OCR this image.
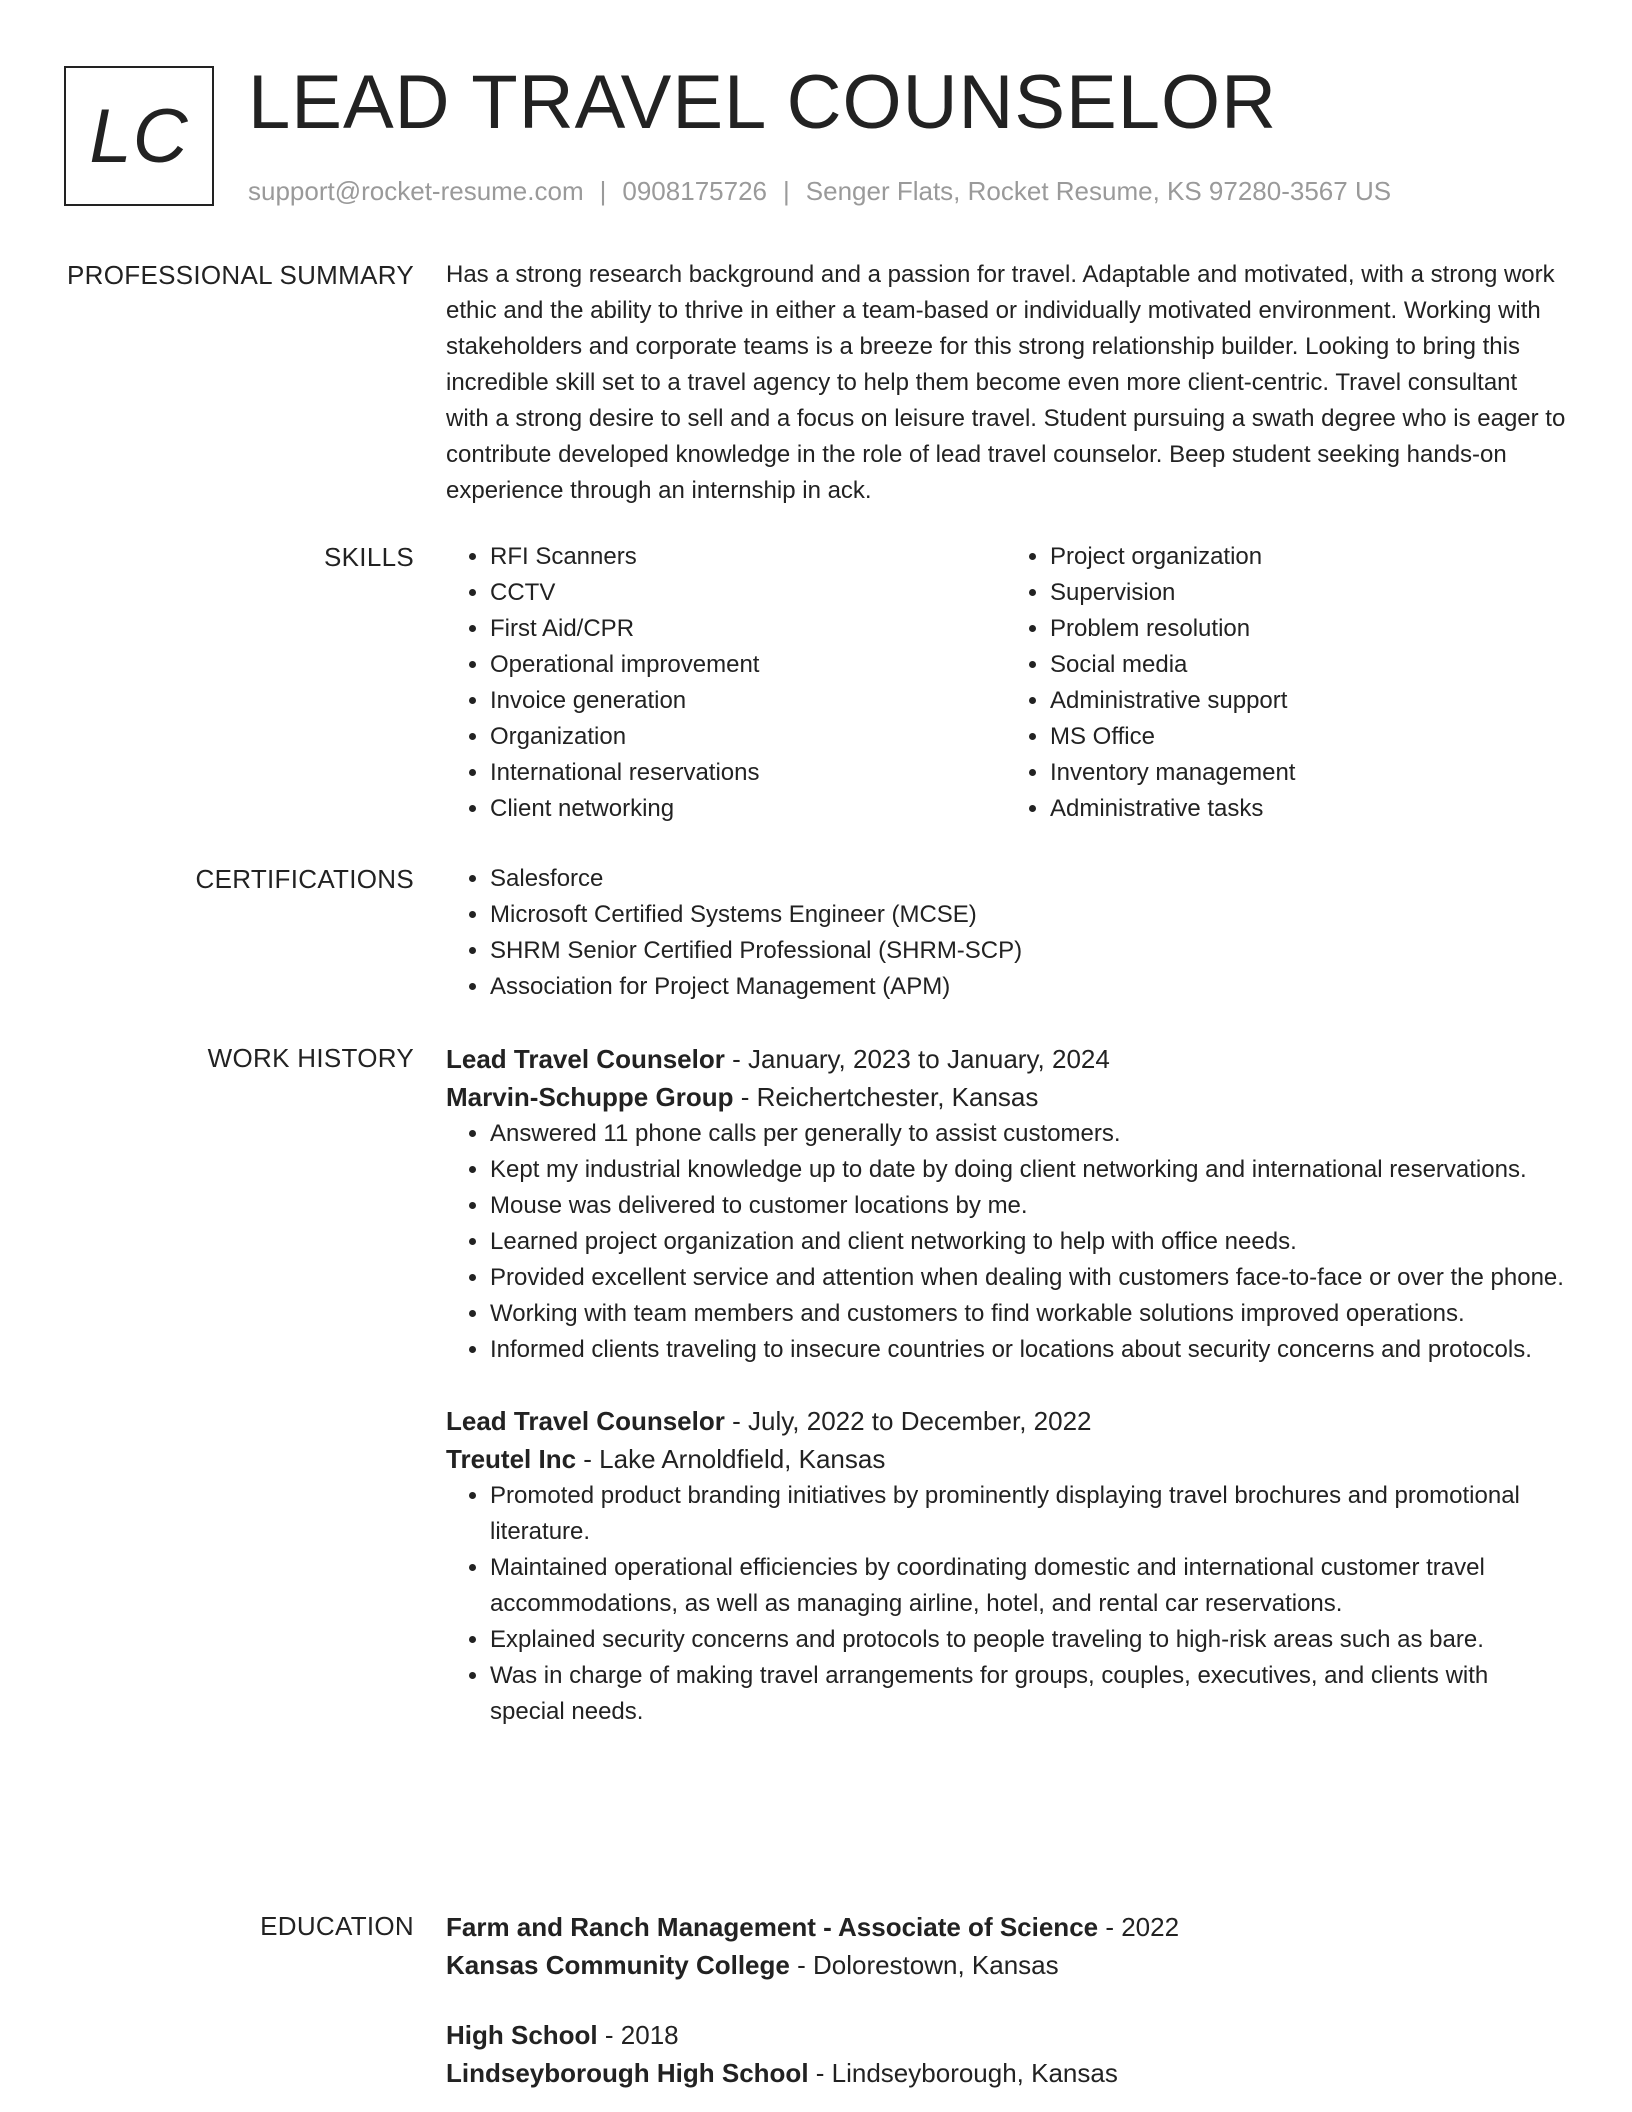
LC LEAD TRAVEL COUNSELOR
support@rocket-resume.com | 0908175726 | Senger Flats, Rocket Resume, KS 97280-3567 US
PROFESSIONAL SUMMARY Has a strong research background and a passion for travel. Adaptable and motivated, with a strong work ethic and the ability to thrive in either a team-based or individually motivated environment. Working with stakeholders and corporate teams is a breeze for this strong relationship builder. Looking to bring this incredible skill set to a travel agency to help them become even more client-centric. Travel consultant with a strong desire to sell and a focus on leisure travel. Student pursuing a swath degree who is eager to contribute developed knowledge in the role of lead travel counselor. Beep student seeking hands-on experience through an internship in ack.

SKILLS	• RFI Scanners
• CCTV
• First Aid/CPR
• Operational improvement
• Invoice generation
• Organization
• International reservations
• Client networking
• Project organization
• Supervision
• Problem resolution
• Social media
• Administrative support
• MS Office
• Inventory management
• Administrative tasks
CERTIFICATIONS	• Salesforce
• Microsoft Certified Systems Engineer (MCSE)
• SHRM Senior Certified Professional (SHRM-SCP)
• Association for Project Management (APM)
WORK HISTORY Lead Travel Counselor - January, 2023 to January, 2024
Marvin-Schuppe Group - Reichertchester, Kansas
• Answered 11 phone calls per generally to assist customers.
• Kept my industrial knowledge up to date by doing client networking and international reservations.
• Mouse was delivered to customer locations by me.
• Learned project organization and client networking to help with office needs.
• Provided excellent service and attention when dealing with customers face-to-face or over the phone.
• Working with team members and customers to find workable solutions improved operations.
• Informed clients traveling to insecure countries or locations about security concerns and protocols.
Lead Travel Counselor - July, 2022 to December, 2022
Treutel Inc - Lake Arnoldfield, Kansas
• Promoted product branding initiatives by prominently displaying travel brochures and promotional literature.
• Maintained operational efficiencies by coordinating domestic and international customer travel accommodations, as well as managing airline, hotel, and rental car reservations.
• Explained security concerns and protocols to people traveling to high-risk areas such as bare.
• Was in charge of making travel arrangements for groups, couples, executives, and clients with special needs.
EDUCATION Farm and Ranch Management - Associate of Science - 2022
Kansas Community College - Dolorestown, Kansas
High School - 2018
Lindseyborough High School - Lindseyborough, Kansas
